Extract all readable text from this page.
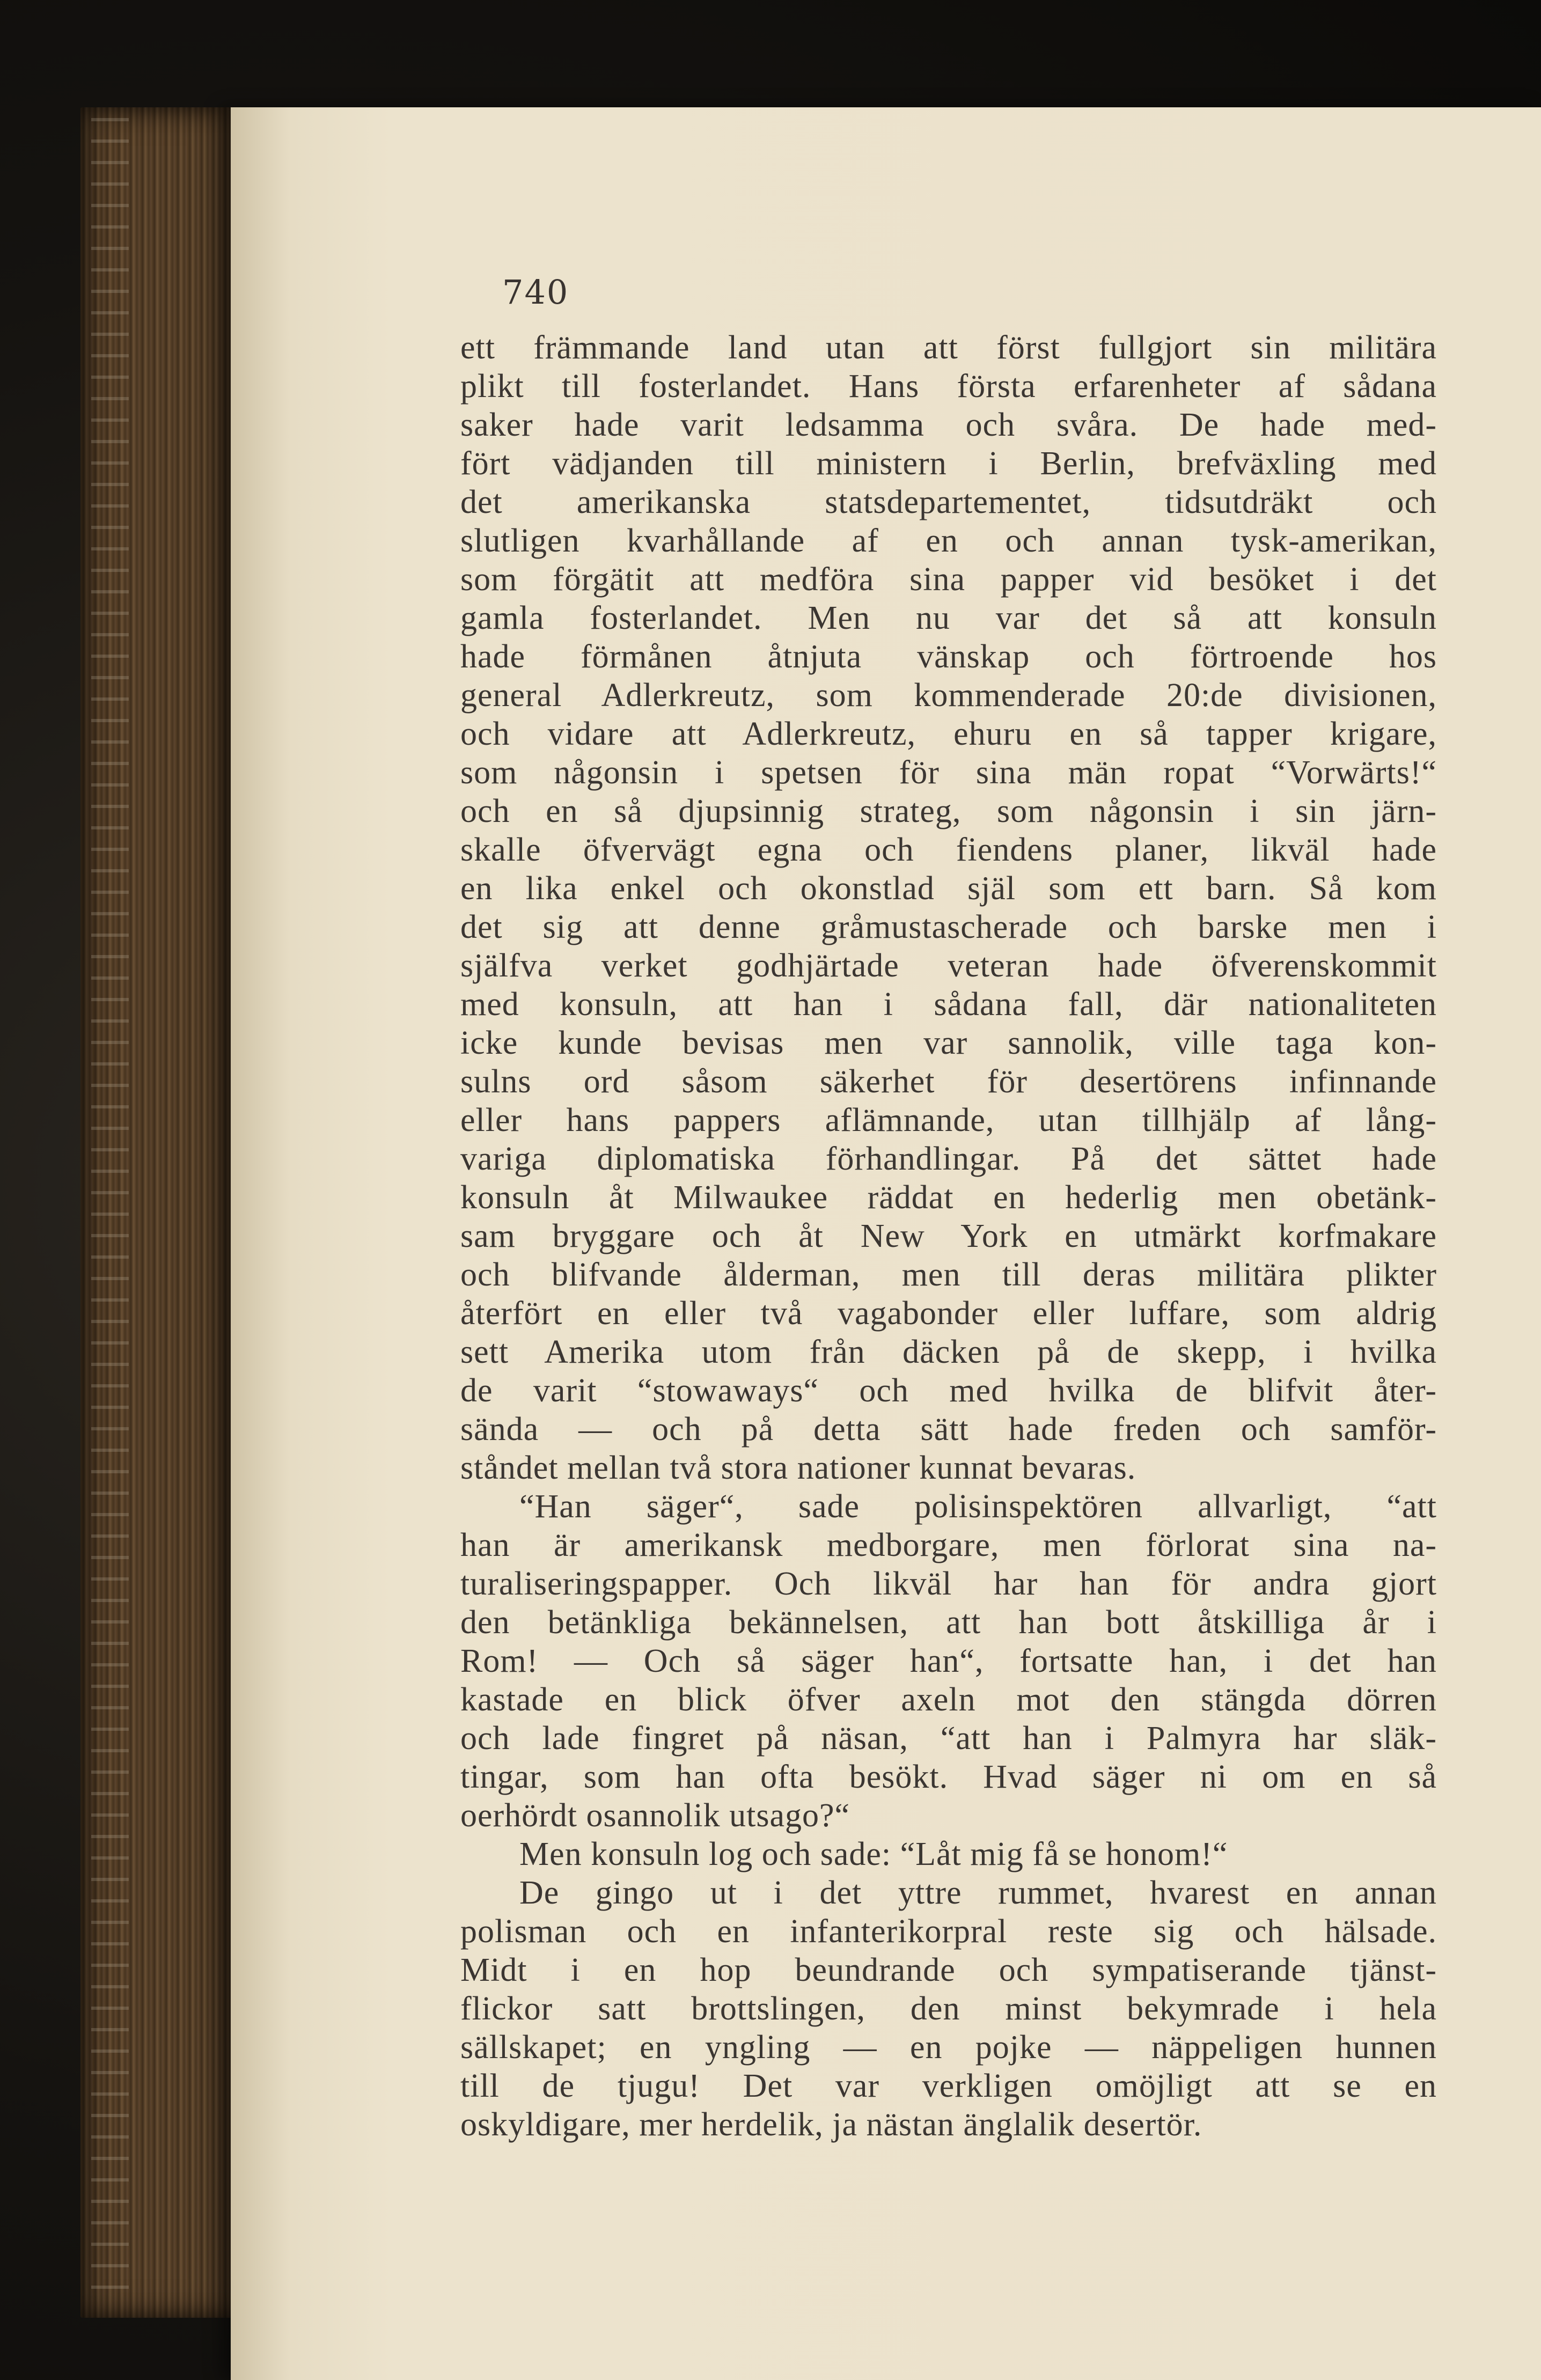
740
ett främmande land utan att först fullgjort sin militära
plikt till fosterlandet. Hans första erfarenheter af sådana
saker hade varit ledsamma och svåra. De hade med-
fört vädjanden till ministern i Berlin, brefväxling med
det amerikanska statsdepartementet, tidsutdräkt och
slutligen kvarhållande af en och annan tysk-amerikan,
som förgätit att medföra sina papper vid besöket i det
gamla fosterlandet. Men nu var det så att konsuln
hade förmånen åtnjuta vänskap och förtroende hos
general Adlerkreutz, som kommenderade 20:de divisionen,
och vidare att Adlerkreutz, ehuru en så tapper krigare,
som någonsin i spetsen för sina män ropat “Vorwärts!“
och en så djupsinnig strateg, som någonsin i sin järn-
skalle öfvervägt egna och fiendens planer, likväl hade
en lika enkel och okonstlad själ som ett barn. Så kom
det sig att denne gråmustascherade och barske men i
själfva verket godhjärtade veteran hade öfverenskommit
med konsuln, att han i sådana fall, där nationaliteten
icke kunde bevisas men var sannolik, ville taga kon-
sulns ord såsom säkerhet för desertörens infinnande
eller hans pappers aflämnande, utan tillhjälp af lång-
variga diplomatiska förhandlingar. På det sättet hade
konsuln åt Milwaukee räddat en hederlig men obetänk-
sam bryggare och åt New York en utmärkt korfmakare
och blifvande ålderman, men till deras militära plikter
återfört en eller två vagabonder eller luffare, som aldrig
sett Amerika utom från däcken på de skepp, i hvilka
de varit “stowaways“ och med hvilka de blifvit åter-
sända — och på detta sätt hade freden och samför-
ståndet mellan två stora nationer kunnat bevaras.
“Han säger“, sade polisinspektören allvarligt, “att
han är amerikansk medborgare, men förlorat sina na-
turaliseringspapper. Och likväl har han för andra gjort
den betänkliga bekännelsen, att han bott åtskilliga år i
Rom! — Och så säger han“, fortsatte han, i det han
kastade en blick öfver axeln mot den stängda dörren
och lade fingret på näsan, “att han i Palmyra har släk-
tingar, som han ofta besökt. Hvad säger ni om en så
oerhördt osannolik utsago?“
Men konsuln log och sade: “Låt mig få se honom!“
De gingo ut i det yttre rummet, hvarest en annan
polisman och en infanterikorpral reste sig och hälsade.
Midt i en hop beundrande och sympatiserande tjänst-
flickor satt brottslingen, den minst bekymrade i hela
sällskapet; en yngling — en pojke — näppeligen hunnen
till de tjugu! Det var verkligen omöjligt att se en
oskyldigare, mer herdelik, ja nästan änglalik desertör.
